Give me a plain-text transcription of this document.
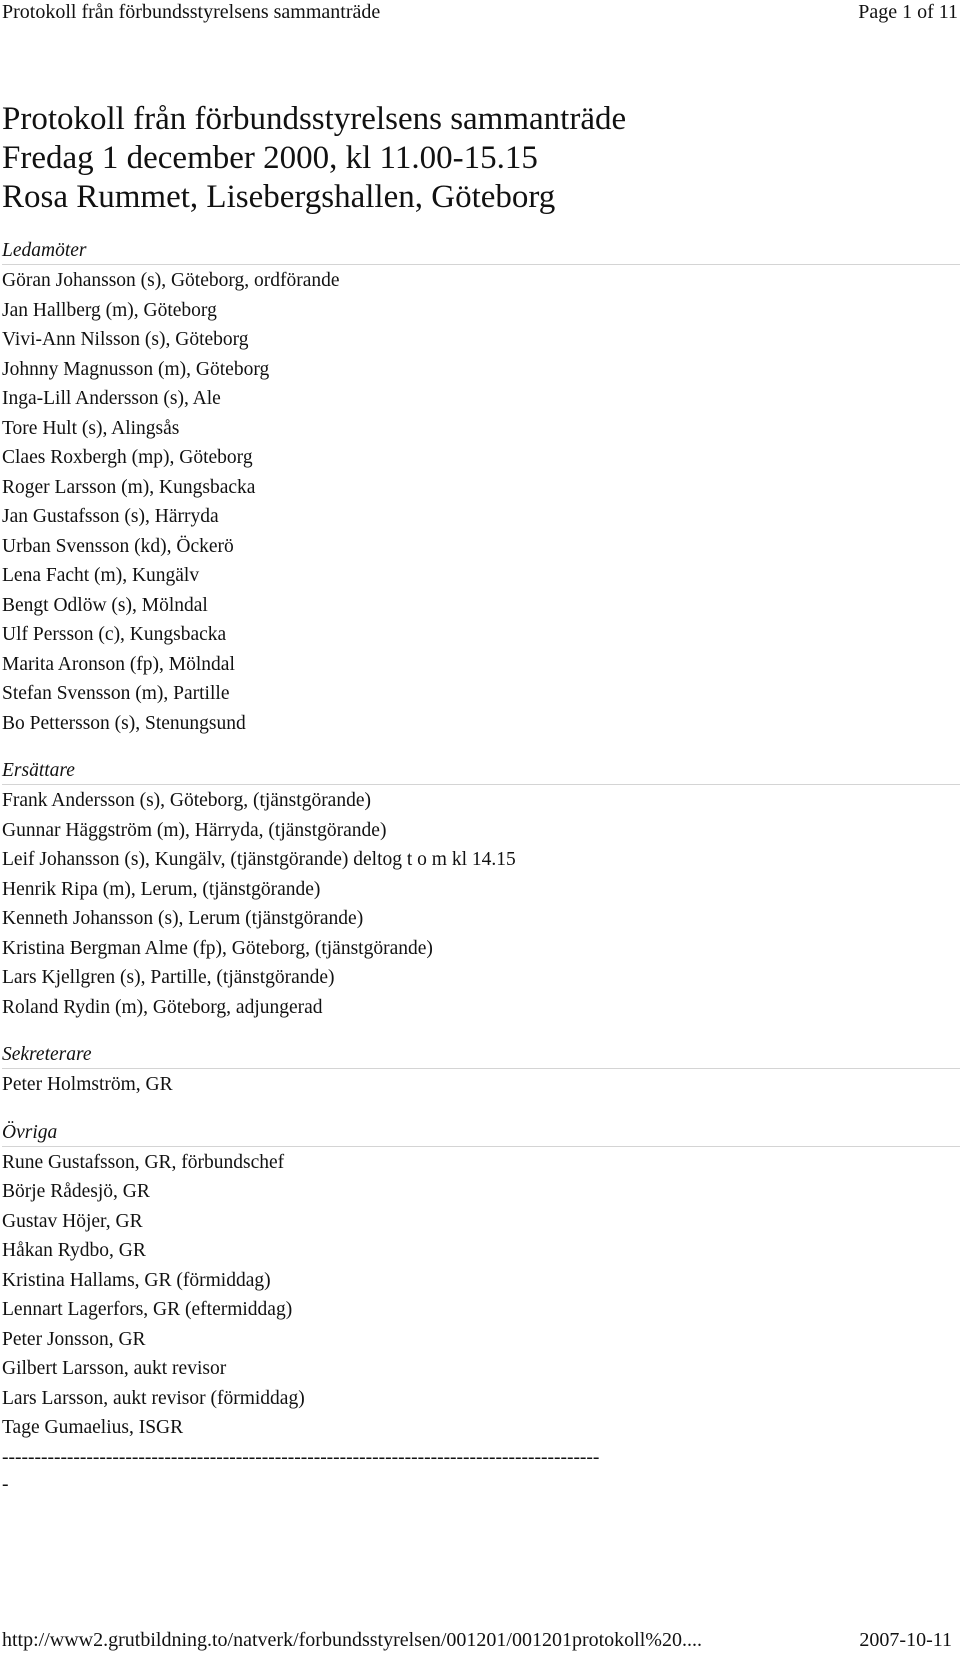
Protokoll från förbundsstyrelsens sammanträde	Page 1 of 11

Protokoll från förbundsstyrelsens sammanträde

Fredag 1 december 2000, kl 11.00-15.15

Rosa Rummet, Lisebergshallen, Göteborg

Ledamöter
Göran Johansson (s), Göteborg, ordförande
Jan Hallberg (m), Göteborg
Vivi-Ann Nilsson (s), Göteborg
Johnny Magnusson (m), Göteborg
Inga-Lill Andersson (s), Ale
Tore Hult (s), Alingsås
Claes Roxbergh (mp), Göteborg
Roger Larsson (m), Kungsbacka
Jan Gustafsson (s), Härryda
Urban Svensson (kd), Öckerö
Lena Facht (m), Kungälv
Bengt Odlöw (s), Mölndal
Ulf Persson (c), Kungsbacka
Marita Aronson (fp), Mölndal
Stefan Svensson (m), Partille
Bo Pettersson (s), Stenungsund
Ersättare
Frank Andersson (s), Göteborg, (tjänstgörande)
Gunnar Häggström (m), Härryda, (tjänstgörande)
Leif Johansson (s), Kungälv, (tjänstgörande) deltog t o m kl 14.15
Henrik Ripa (m), Lerum, (tjänstgörande)
Kenneth Johansson (s), Lerum (tjänstgörande)
Kristina Bergman Alme (fp), Göteborg, (tjänstgörande)
Lars Kjellgren (s), Partille, (tjänstgörande)
Roland Rydin (m), Göteborg, adjungerad
Sekreterare
Peter Holmström, GR
Övriga
Rune Gustafsson, GR, förbundschef
Börje Rådesjö, GR
Gustav Höjer, GR
Håkan Rydbo, GR
Kristina Hallams, GR (förmiddag)
Lennart Lagerfors, GR (eftermiddag)
Peter Jonsson, GR
Gilbert Larsson, aukt revisor
Lars Larsson, aukt revisor (förmiddag)
Tage Gumaelius, ISGR
--------------------------------------------------------------------------------------------
-
http://www2.grutbildning.to/natverk/forbundsstyrelsen/001201/001201protokoll%20....	2007-10-11
